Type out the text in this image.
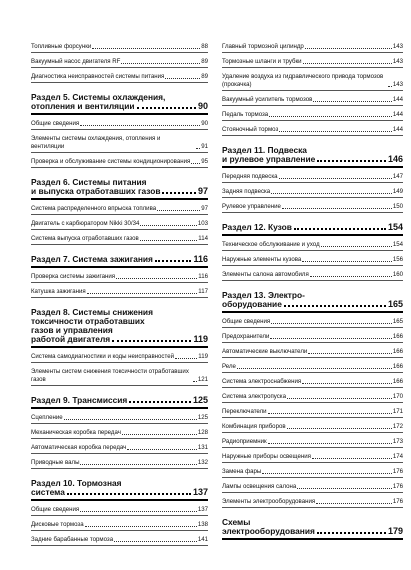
Топливные форсунки	88
Вакуумный насос двигателя RF	89
Диагностика неисправностей системы питания	89
Раздел 5. Системы охлаждения,
отопления и вентиляции	90
Общие сведения	90
Элементы системы охлаждения, отопления и вентиляции	91
Проверка и обслуживание системы кондиционирования 95
Раздел 6. Системы питания
и выпуска отработавших газов	97
Система распределенного впрыска топлива	97
Двигатель с карбюратором Nikki 30/34	103
Система выпуска отработавших газов	114
Раздел 7. Система зажигания	116
Проверка системы зажигания	116
Катушка зажигания	117
Раздел 8. Системы снижения
токсичности отработавших
газов и управления
работой двигателя	119
Система самодиагностики и коды неисправностей	119
Элементы систем снижения токсичности отработавших газов	121
Раздел 9. Трансмиссия	125
Сцепление	125
Механическая коробка передач	128
Автоматическая коробка передач	131
Приводные валы	132
Раздел 10. Тормозная
система	137
Общие сведения	137
Дисковые тормоза	138
Задние барабанные тормоза	141
Главный тормозной цилиндр	143
Тормозные шланги и трубки	143
Удаление воздуха из гидравлического привода тормозов (прокачка)	143
Вакуумный усилитель тормозов	144
Педаль тормоза	144
Стояночный тормоз	144
Раздел 11. Подвеска
и рулевое управление	146
Передняя подвеска	147
Задняя подвеска	149
Рулевое управление	150
Раздел 12. Кузов	154
Техническое обслуживание и уход	154
Наружные элементы кузова	156
Элементы салона автомобиля	160
Раздел 13. Электро-
оборудование	165
Общие сведения	165
Предохранители	166
Автоматические выключатели	166
Реле	166
Система электроснабжения	166
Система электропуска	170
Переключатели	171
Комбинация приборов	172
Радиоприемник	173
Наружные приборы освещения	174
Замена фары	176
Лампы освещения салона	176
Элементы электрооборудования	176
Схемы
электрооборудования	179
